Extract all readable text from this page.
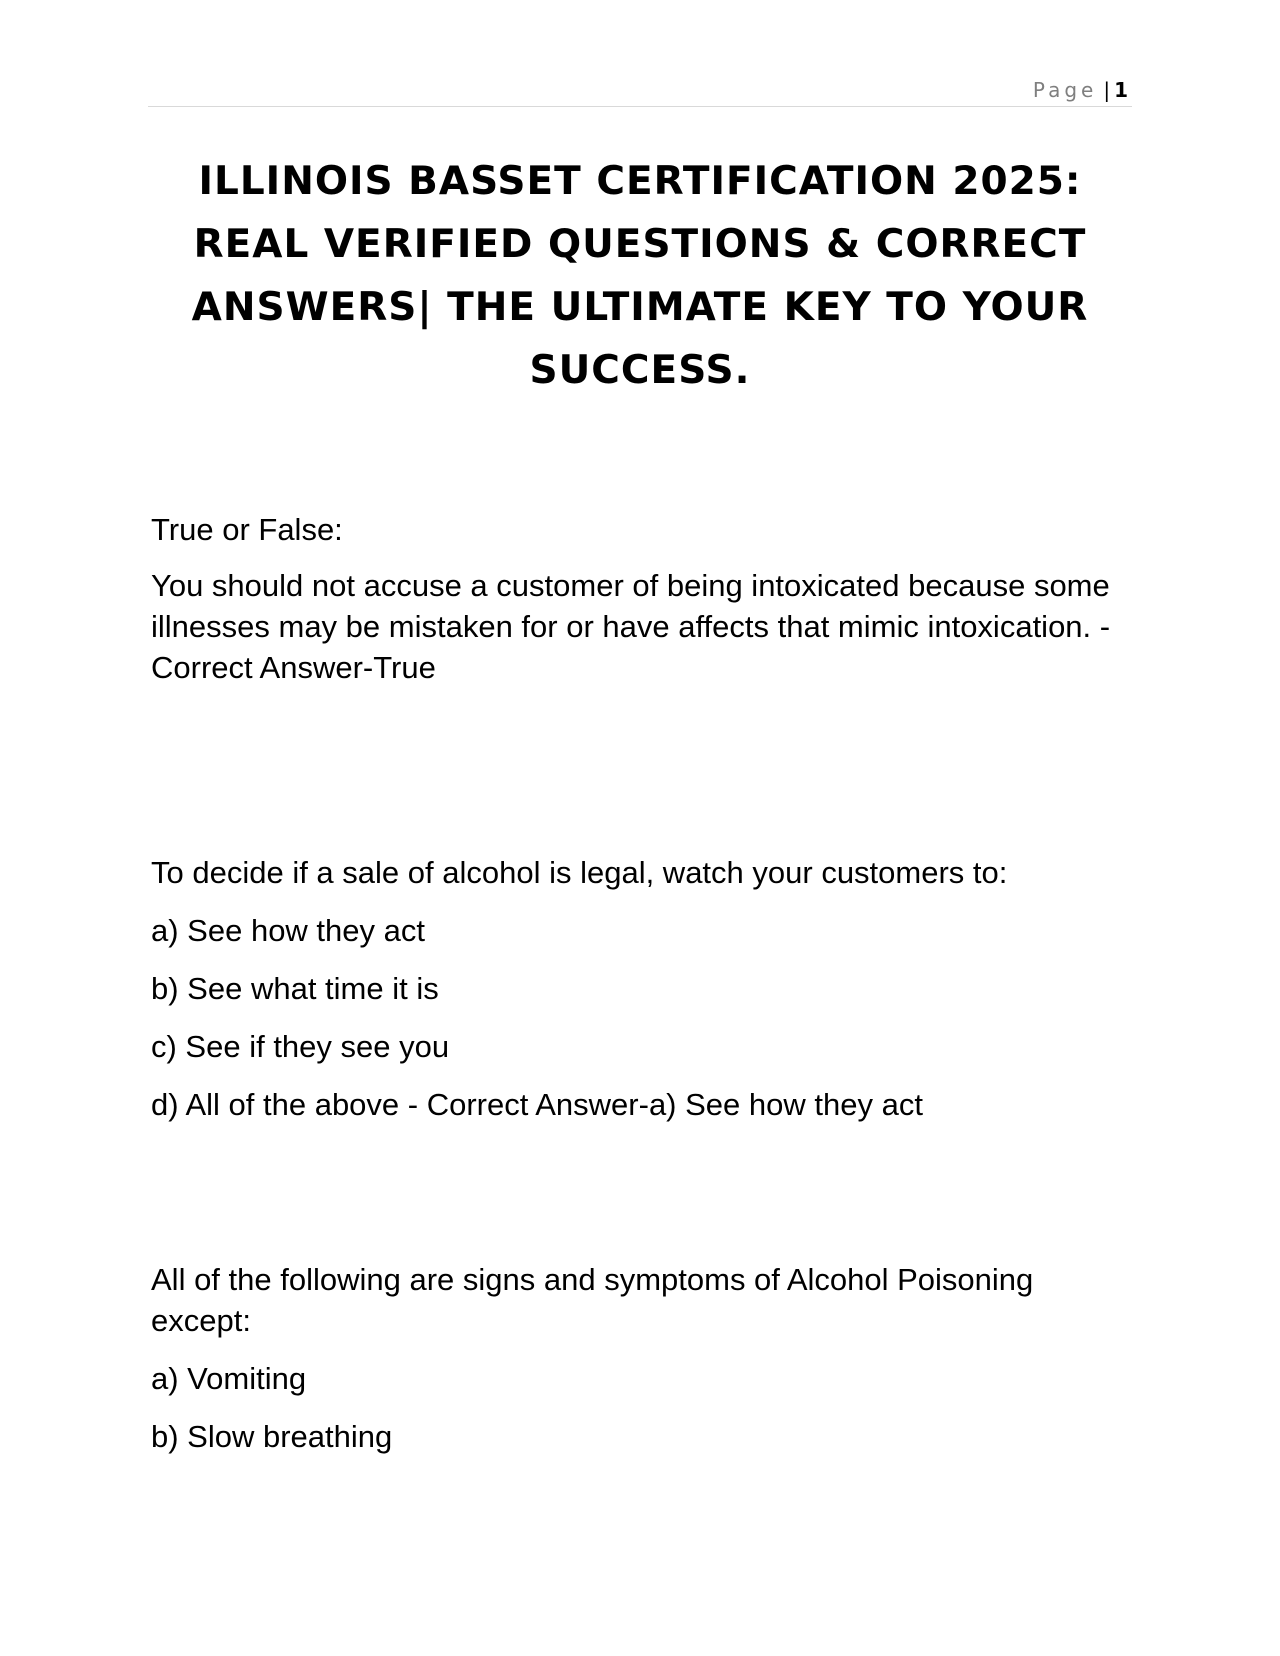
Page | 1
ILLINOIS BASSET CERTIFICATION 2025: REAL VERIFIED QUESTIONS & CORRECT ANSWERS| THE ULTIMATE KEY TO YOUR SUCCESS.

True or False:

You should not accuse a customer of being intoxicated because some illnesses may be mistaken for or have affects that mimic intoxication. - Correct Answer-True

To decide if a sale of alcohol is legal, watch your customers to:

a) See how they act

b) See what time it is

c) See if they see you

d) All of the above - Correct Answer-a) See how they act

All of the following are signs and symptoms of Alcohol Poisoning except:

a) Vomiting

b) Slow breathing
